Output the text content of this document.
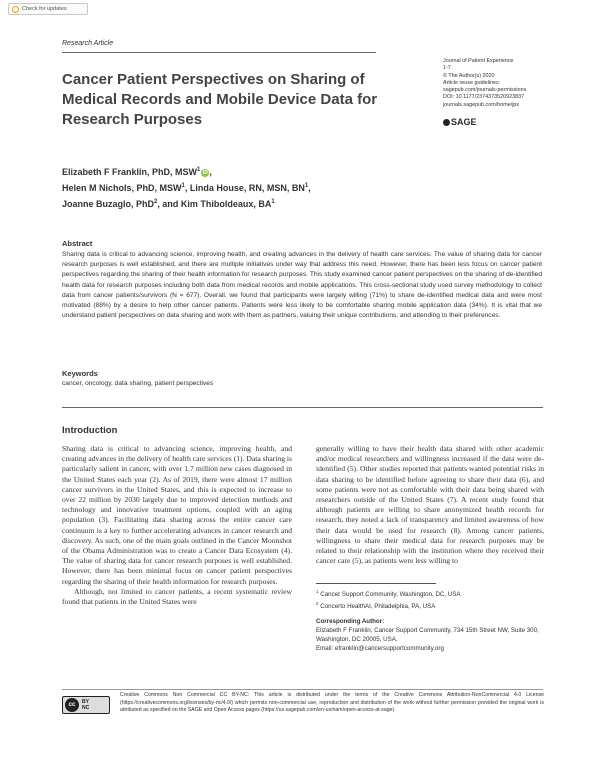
Check for updates
Research Article
Cancer Patient Perspectives on Sharing of Medical Records and Mobile Device Data for Research Purposes
Journal of Patient Experience
1-7
© The Author(s) 2020
Article reuse guidelines:
sagepub.com/journals-permissions
DOI: 10.1177/2374373520923837
journals.sagepub.com/home/jpx
SAGE
Elizabeth F Franklin, PhD, MSW$^1$ iD ,
Helen M Nichols, PhD, MSW$^1$, Linda House, RN, MSN, $BN^1$,
Joanne Buzaglo, PhD$^2$, and Kim Thiboldeaux, $BA^1$
Abstract
Sharing data is critical to advancing science, improving health, and creating advances in the delivery of health care services. The value of sharing data for cancer research purposes is well established, and there are multiple initiatives under way that address this need. However, there has been less focus on cancer patient perspectives regarding the sharing of their health information for research purposes. This study examined cancer patient perspectives on the sharing of de-identified health data for research purposes including both data from medical records and mobile applications. This cross-sectional study used survey methodology to collect data from cancer patients/survivors (N = 677). Overall, we found that participants were largely willing (71%) to share de-identified medical data and were most motivated (88%) by a desire to help other cancer patients. Patients were less likely to be comfortable sharing mobile application data (34%). It is vital that we understand patient perspectives on data sharing and work with them as partners, valuing their unique contributions, and attending to their preferences.
Keywords
cancer, oncology, data sharing, patient perspectives
Introduction

Sharing data is critical to advancing science, improving health, and creating advances in the delivery of health care services (1). Data sharing is particularly salient in cancer, with over 1.7 million new cases diagnosed in the United States each year (2). As of 2019, there were almost 17 million cancer survivors in the United States, and this is expected to increase to over 22 million by 2030 largely due to improved detection methods and technology and innovative treatment options, coupled with an aging population (3). Facilitating data sharing across the entire cancer care continuum is a key to further accelerating advances in cancer research and discovery. As such, one of the main goals outlined in the Cancer Moonshot of the Obama Administration was to create a Cancer Data Ecosystem (4). The value of sharing data for cancer research purposes is well established. However, there has been minimal focus on cancer patient perspectives regarding the sharing of their health information for research purposes.

Although, not limited to cancer patients, a recent systematic review found that patients in the United States were

generally willing to have their health data shared with other academic and/or medical researchers and willingness increased if the data were de-identified (5). Other studies reported that patients wanted potential risks in data sharing to be identified before agreeing to share their data (6), and some patients were not as comfortable with their data being shared with researchers outside of the United States (7). A recent study found that although patients are willing to share anonymized health records for research, they noted a lack of transparency and limited awareness of how their data would be used for research (8). Among cancer patients, willingness to share their medical data for research purposes may be related to their relationship with the institution where they received their cancer care (5), as patients were less willing to

$^1$ Cancer Support Community, Washington, DC, USA
$^2$ Concerto HealthAI, Philadelphia, PA, USA
Corresponding Author:
Elizabeth F Franklin, Cancer Support Community, 734 15th Street NW, Suite 300, Washington, DC 20005, USA.
Email: efranklin@cancersupportcommunity.org
cc	BY
NC
Creative Commons Non Commercial CC BY-NC: This article is distributed under the terms of the Creative Commons Attribution-NonCommercial 4.0 License (https://creativecommons.org/licenses/by-nc/4.0/) which permits non-commercial use, reproduction and distribution of the work without further permission provided the original work is attributed as specified on the SAGE and Open Access pages (https://us.sagepub.com/en-us/nam/open-access-at-sage).
